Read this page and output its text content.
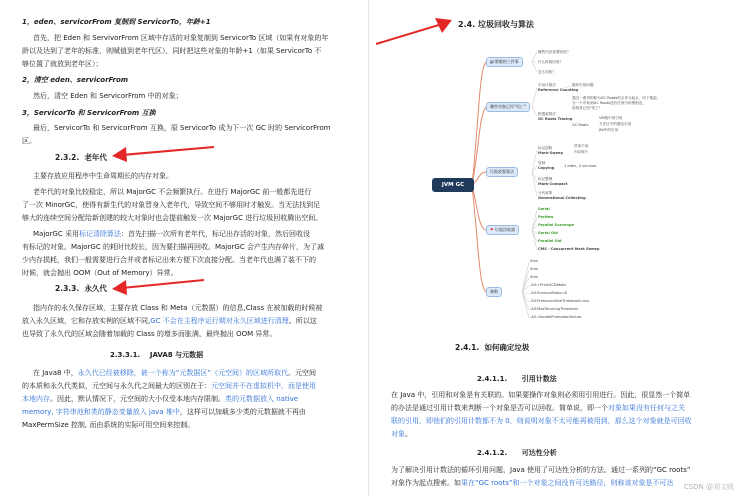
1，eden、servicorFrom 复制到 ServicorTo，年龄+1
首先，把 Eden 和 ServivorFrom 区域中存活的对象复制到 ServicorTo 区域（如果有对象的年
龄以及达到了老年的标准，则赋值到老年代区），同时把这些对象的年龄+1（如果 ServicorTo 不
够位置了就放到老年区）；
2，清空 eden、servicorFrom
然后，清空 Eden 和 ServicorFrom 中的对象；
3，ServicorTo 和 ServicorFrom 互换
最后，ServicorTo 和 ServicorFrom 互换，原 ServicorTo 成为下一次 GC 时的 ServicorFrom
区。
2.3.2. 老年代
主要存放应用程序中生命周期长的内存对象。
老年代的对象比较稳定，所以 MajorGC 不会频繁执行。在进行 MajorGC 前一般都先进行
了一次 MinorGC，使得有新生代的对象晋身入老年代，导致空间不够用时才触发。当无法找到足
够大的连续空间分配给新创建的较大对象时也会提前触发一次 MajorGC 进行垃圾回收腾出空间。
MajorGC 采用标记清除算法：首先扫描一次所有老年代，标记出存活的对象，然后回收没
有标记的对象。MajorGC 的耗时比较长，因为要扫描再回收。MajorGC 会产生内存碎片，为了减
少内存损耗，我们一般需要进行合并或者标记出来方便下次直接分配。当老年代也满了装不下的
时候，就会抛出 OOM（Out of Memory）异常。
2.3.3. 永久代
指内存的永久保存区域，主要存放 Class 和 Meta（元数据）的信息,Class 在被加载的时候被
放入永久区域，它和存放实例的区域不同,GC 不会在主程序运行期对永久区域进行清理。所以这
也导致了永久代的区域会随着加载的 Class 的增多而胀满，最终抛出 OOM 异常。
2.3.3.1. JAVA8 与元数据
在 Java8 中，永久代已经被移除，被一个称为“元数据区”（元空间）的区域所取代。元空间
的本质和永久代类似，元空间与永久代之间最大的区别在于：元空间并不在虚拟机中，而是使用
本地内存。因此，默认情况下，元空间的大小仅受本地内存限制。类的元数据放入 native
memory, 字符串池和类的静态变量放入 java 堆中，这样可以加载多少类的元数据就不再由
MaxPermSize 控制, 而由系统的实际可用空间来控制。
2.4. 垃圾回收与算法
JVM GC
gc要做的三件事
哪些内存需要回收？
什么时候回收？
怎么回收？
哪些对象已经"死亡"
引用计数法
Reference Counting
循环引用问题
根搜索算法
GC Roots Tracing
通过一系列的称为GC Roots的点作为起点，向下搜索，
当一个对象到GC Roots没有任何引用链相连，
说明其已经"死亡"
GC Roots
VM栈中的引用
方法区中的静态引用
JNI中的引用
垃圾收集算法
标记清除
Mark-Sweep
效率不高
内存碎片
复制
Copying	1 eden, 2 survivor
标记整理
Mark-Compact
分代收集
Generational Collecting
⚑ 垃圾回收器
Serial
ParNew
Parallel Scavenge
Serial Old
Parallel Old
CMS - Concurrent Mark Sweep
参数
Xms
Xmx
Xmn
-XX:+PrintGCDetails
-XX:SurvivorRatio=8
-XX:PretenureSizeThreshold=xxx
-XX:MaxTenuringThreshold
-XX:-HandlePromotionFailure
2.4.1. 如何确定垃圾
2.4.1.1. 引用计数法
在 Java 中，引用和对象是有关联的。如果要操作对象则必须用引用进行。因此，很显然一个简单
的办法是通过引用计数来判断一个对象是否可以回收。简单说，即一个对象如果没有任何与之关
联的引用，即他们的引用计数都不为 0，则说明对象不太可能再被用到，那么这个对象就是可回收
对象。
2.4.1.2. 可达性分析
为了解决引用计数法的循环引用问题，Java 使用了可达性分析的方法。通过一系列的“GC roots”
对象作为起点搜索。如果在“GC roots”和一个对象之间没有可达路径，则称该对象是不可达 CSDN @刘文贱
